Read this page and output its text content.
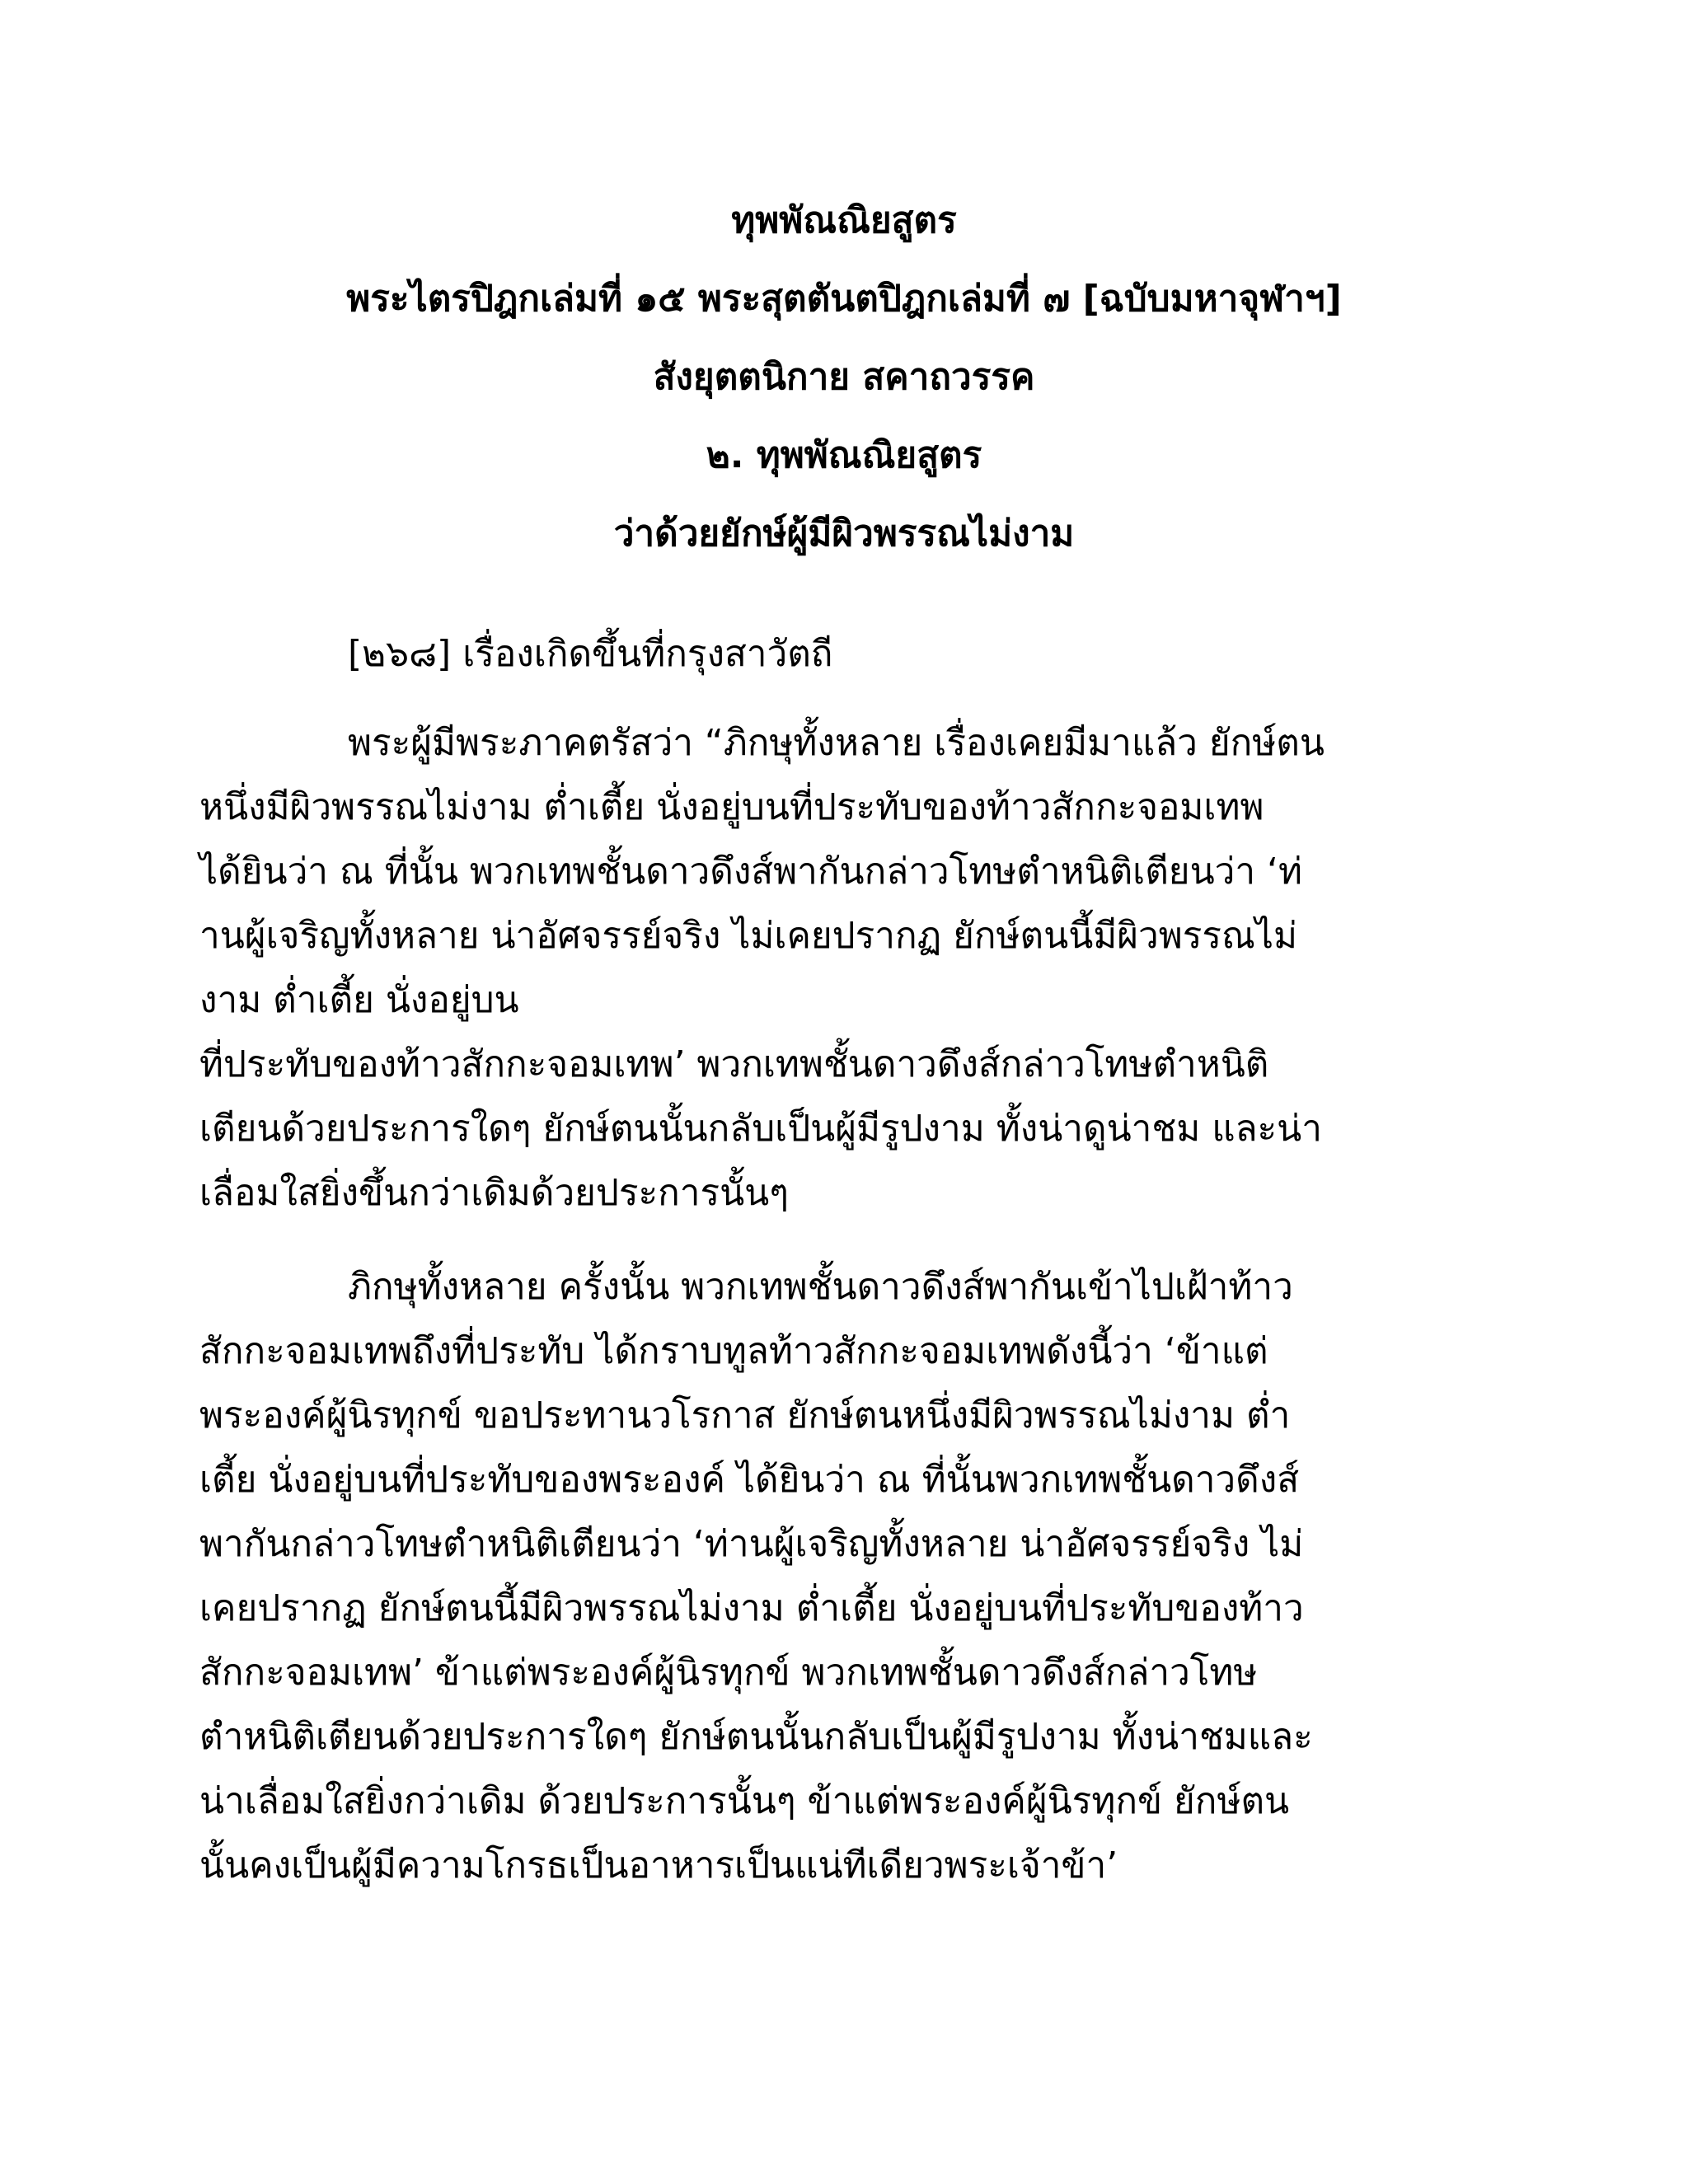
ทุพพัณณิยสูตร
พระไตรปิฎกเล่มที่ ๑๕ พระสุตตันตปิฎกเล่มที่ ๗ [ฉบับมหาจุฬาฯ]
สังยุตตนิกาย สคาถวรรค
๒. ทุพพัณณิยสูตร
ว่าด้วยยักษ์ผู้มีผิวพรรณไม่งาม
[๒๖๘] เรื่องเกิดขึ้นที่กรุงสาวัตถี
พระผู้มีพระภาคตรัสว่า “ภิกษุทั้งหลาย เรื่องเคยมีมาแล้ว ยักษ์ตน
หนึ่งมีผิวพรรณไม่งาม ต่ำเตี้ย นั่งอยู่บนที่ประทับของท้าวสักกะจอมเทพ
ได้ยินว่า ณ ที่นั้น พวกเทพชั้นดาวดึงส์พากันกล่าวโทษตำหนิติเตียนว่า ‘ท่
านผู้เจริญทั้งหลาย น่าอัศจรรย์จริง ไม่เคยปรากฏ ยักษ์ตนนี้มีผิวพรรณไม่
งาม ต่ำเตี้ย นั่งอยู่บน
ที่ประทับของท้าวสักกะจอมเทพ’ พวกเทพชั้นดาวดึงส์กล่าวโทษตำหนิติ
เตียนด้วยประการใดๆ ยักษ์ตนนั้นกลับเป็นผู้มีรูปงาม ทั้งน่าดูน่าชม และน่า
เลื่อมใสยิ่งขึ้นกว่าเดิมด้วยประการนั้นๆ
ภิกษุทั้งหลาย ครั้งนั้น พวกเทพชั้นดาวดึงส์พากันเข้าไปเฝ้าท้าว
สักกะจอมเทพถึงที่ประทับ ได้กราบทูลท้าวสักกะจอมเทพดังนี้ว่า ‘ข้าแต่
พระองค์ผู้นิรทุกข์ ขอประทานวโรกาส ยักษ์ตนหนึ่งมีผิวพรรณไม่งาม ต่ำ
เตี้ย นั่งอยู่บนที่ประทับของพระองค์ ได้ยินว่า ณ ที่นั้นพวกเทพชั้นดาวดึงส์
พากันกล่าวโทษตำหนิติเตียนว่า ‘ท่านผู้เจริญทั้งหลาย น่าอัศจรรย์จริง ไม่
เคยปรากฏ ยักษ์ตนนี้มีผิวพรรณไม่งาม ต่ำเตี้ย นั่งอยู่บนที่ประทับของท้าว
สักกะจอมเทพ’ ข้าแต่พระองค์ผู้นิรทุกข์ พวกเทพชั้นดาวดึงส์กล่าวโทษ
ตำหนิติเตียนด้วยประการใดๆ ยักษ์ตนนั้นกลับเป็นผู้มีรูปงาม ทั้งน่าชมและ
น่าเลื่อมใสยิ่งกว่าเดิม ด้วยประการนั้นๆ ข้าแต่พระองค์ผู้นิรทุกข์ ยักษ์ตน
นั้นคงเป็นผู้มีความโกรธเป็นอาหารเป็นแน่ทีเดียวพระเจ้าข้า’
